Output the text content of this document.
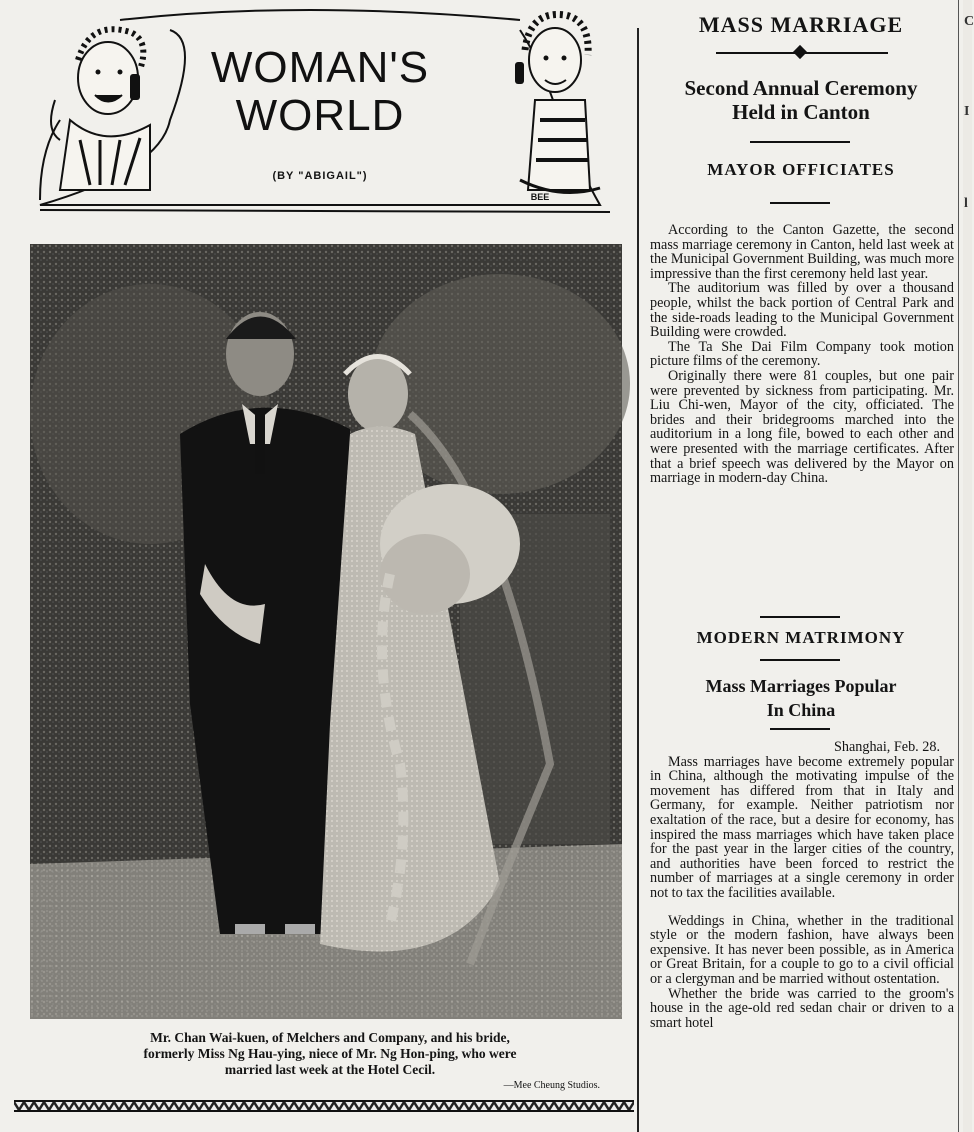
WOMAN'S
WORLD
(BY "ABIGAIL")
BEE
Mr. Chan Wai-kuen, of Melchers and Company, and his bride,
formerly Miss Ng Hau-ying, niece of Mr. Ng Hon-ping, who were
married last week at the Hotel Cecil.
—Mee Cheung Studios.
C
I
l
MASS MARRIAGE
Second Annual Ceremony
Held in Canton
MAYOR OFFICIATES

According to the Canton Gazette, the second mass marriage ceremony in Canton, held last week at the Municipal Government Building, was much more impressive than the first ceremony held last year.

The auditorium was filled by over a thousand people, whilst the back portion of Central Park and the side-roads leading to the Municipal Government Building were crowded.

The Ta She Dai Film Company took motion picture films of the ceremony.

Originally there were 81 couples, but one pair were prevented by sickness from participating. Mr. Liu Chi-wen, Mayor of the city, officiated. The brides and their bridegrooms marched into the auditorium in a long file, bowed to each other and were presented with the marriage certificates. After that a brief speech was delivered by the Mayor on marriage in modern-day China.

MODERN MATRIMONY
Mass Marriages Popular
In China

Shanghai, Feb. 28.

Mass marriages have become extremely popular in China, although the motivating impulse of the movement has differed from that in Italy and Germany, for example. Neither patriotism nor exaltation of the race, but a desire for economy, has inspired the mass marriages which have taken place for the past year in the larger cities of the country, and authorities have been forced to restrict the number of marriages at a single ceremony in order not to tax the facilities available.

Weddings in China, whether in the traditional style or the modern fashion, have always been expensive. It has never been possible, as in America or Great Britain, for a couple to go to a civil official or a clergyman and be married without ostentation.

Whether the bride was carried to the groom's house in the age-old red sedan chair or driven to a smart hotel
